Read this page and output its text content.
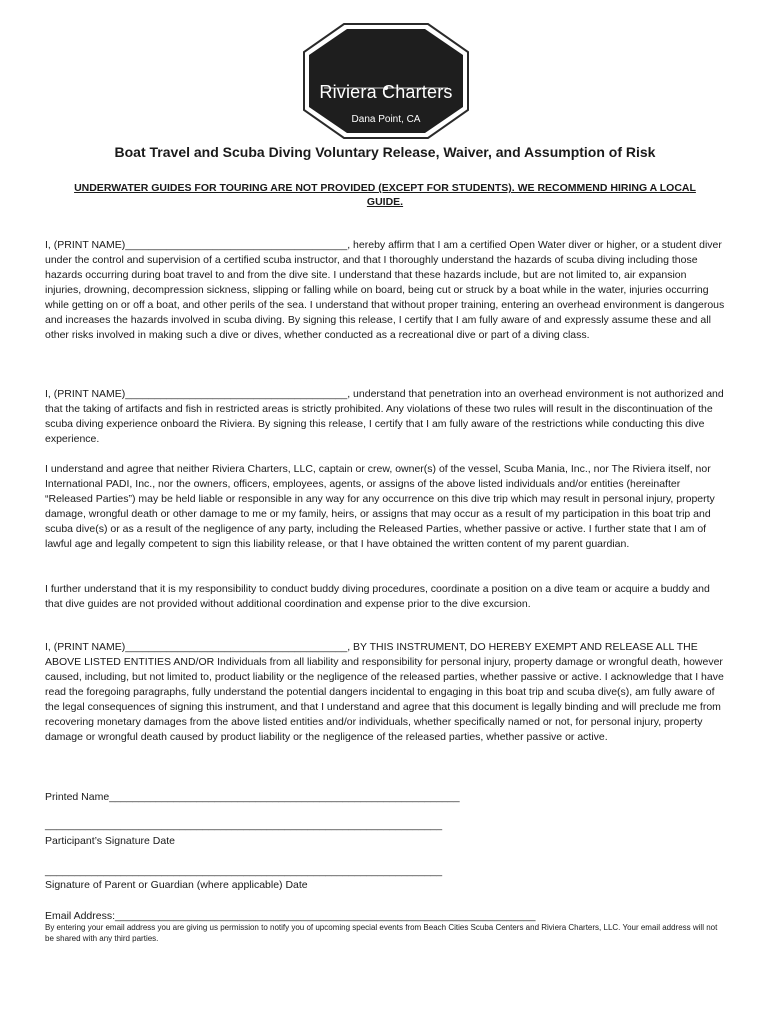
Riviera Charters
Dana Point, CA
Boat Travel and Scuba Diving Voluntary Release, Waiver, and Assumption of Risk
UNDERWATER GUIDES FOR TOURING ARE NOT PROVIDED (EXCEPT FOR STUDENTS). WE RECOMMEND HIRING A LOCAL GUIDE.

I, (PRINT NAME)______________________________________, hereby affirm that I am a certified Open Water diver or higher, or a student diver under the control and supervision of a certified scuba instructor, and that I thoroughly understand the hazards of scuba diving including those hazards occurring during boat travel to and from the dive site. I understand that these hazards include, but are not limited to, air expansion injuries, drowning, decompression sickness, slipping or falling while on board, being cut or struck by a boat while in the water, injuries occurring while getting on or off a boat, and other perils of the sea. I understand that without proper training, entering an overhead environment is dangerous and increases the hazards involved in scuba diving. By signing this release, I certify that I am fully aware of and expressly assume these and all other risks involved in making such a dive or dives, whether conducted as a recreational dive or part of a diving class.

I, (PRINT NAME)______________________________________, understand that penetration into an overhead environment is not authorized and that the taking of artifacts and fish in restricted areas is strictly prohibited. Any violations of these two rules will result in the discontinuation of the scuba diving experience onboard the Riviera. By signing this release, I certify that I am fully aware of the restrictions while conducting this dive experience.

I understand and agree that neither Riviera Charters, LLC, captain or crew, owner(s) of the vessel, Scuba Mania, Inc., nor The Riviera itself, nor International PADI, Inc., nor the owners, officers, employees, agents, or assigns of the above listed individuals and/or entities (hereinafter “Released Parties”) may be held liable or responsible in any way for any occurrence on this dive trip which may result in personal injury, property damage, wrongful death or other damage to me or my family, heirs, or assigns that may occur as a result of my participation in this boat trip and scuba dive(s) or as a result of the negligence of any party, including the Released Parties, whether passive or active. I further state that I am of lawful age and legally competent to sign this liability release, or that I have obtained the written content of my parent guardian.

I further understand that it is my responsibility to conduct buddy diving procedures, coordinate a position on a dive team or acquire a buddy and that dive guides are not provided without additional coordination and expense prior to the dive excursion.

I, (PRINT NAME)______________________________________, BY THIS INSTRUMENT, DO HEREBY EXEMPT AND RELEASE ALL THE ABOVE LISTED ENTITIES AND/OR Individuals from all liability and responsibility for personal injury, property damage or wrongful death, however caused, including, but not limited to, product liability or the negligence of the released parties, whether passive or active. I acknowledge that I have read the foregoing paragraphs, fully understand the potential dangers incidental to engaging in this boat trip and scuba dive(s), am fully aware of the legal consequences of signing this instrument, and that I understand and agree that this document is legally binding and will preclude me from recovering monetary damages from the above listed entities and/or individuals, whether specifically named or not, for personal injury, property damage or wrongful death caused by product liability or the negligence of the released parties, whether passive or active.

Printed Name____________________________________________________________
____________________________________________________________________
Participant’s Signature Date
____________________________________________________________________
Signature of Parent or Guardian (where applicable) Date
Email Address:________________________________________________________________________

By entering your email address you are giving us permission to notify you of upcoming special events from Beach Cities Scuba Centers and Riviera Charters, LLC. Your email address will not be shared with any third parties.
